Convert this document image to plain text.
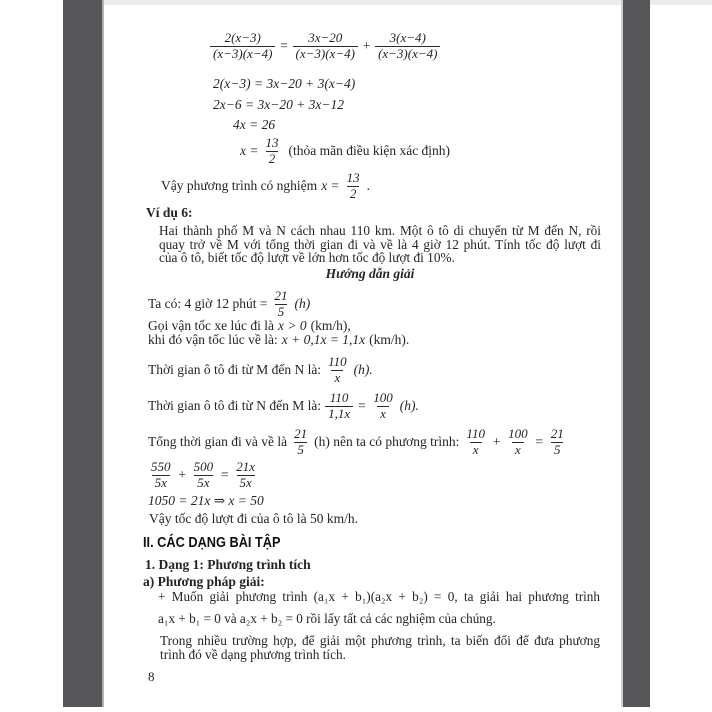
$\frac{2(x-3)}{(x-3)(x-4)} = \frac{3x-20}{(x-3)(x-4)} + \frac{3(x-4)}{(x-3)(x-4)}$
2(x−3) = 3x−20 + 3(x−4)
2x−6 = 3x−20 + 3x−12
4x = 26
$x = \frac{13}{2}$ (thỏa mãn điều kiện xác định)
Vậy phương trình có nghiệm $x = \frac{13}{2}$ .
Ví dụ 6:
Hai thành phố M và N cách nhau 110 km. Một ô tô di chuyển từ M đến N, rồi
quay trở về M với tổng thời gian đi và về là 4 giờ 12 phút. Tính tốc độ lượt đi
của ô tô, biết tốc độ lượt về lớn hơn tốc độ lượt đi 10%.
Hướng dẫn giải
Ta có: 4 giờ 12 phút = $\frac{21}{5} (h)$
Gọi vận tốc xe lúc đi là x > 0 (km/h),
khi đó vận tốc lúc về là: x + 0,1x = 1,1x (km/h).
Thời gian ô tô đi từ M đến N là: $\frac{110}{x} (h)$.
Thời gian ô tô đi từ N đến M là: $\frac{110}{1,1x} = \frac{100}{x} (h)$.
Tổng thời gian đi và về là $\frac{21}{5} (h)$ nên ta có phương trình: $\frac{110}{x} + \frac{100}{x} = \frac{21}{5}$
$\frac{550}{5x} + \frac{500}{5x} = \frac{21x}{5x}$
1050 = 21x ⇒ x = 50
Vậy tốc độ lượt đi của ô tô là 50 km/h.
II. CÁC DẠNG BÀI TẬP
1. Dạng 1: Phương trình tích
a) Phương pháp giải:
+ Muốn giải phương trình (a₁x + b₁)(a₂x + b₂) = 0, ta giải hai phương trình
a₁x + b₁ = 0 và a₂x + b₂ = 0 rồi lấy tất cả các nghiệm của chúng.
Trong nhiều trường hợp, để giải một phương trình, ta biến đổi để đưa phương
trình đó về dạng phương trình tích.
8
